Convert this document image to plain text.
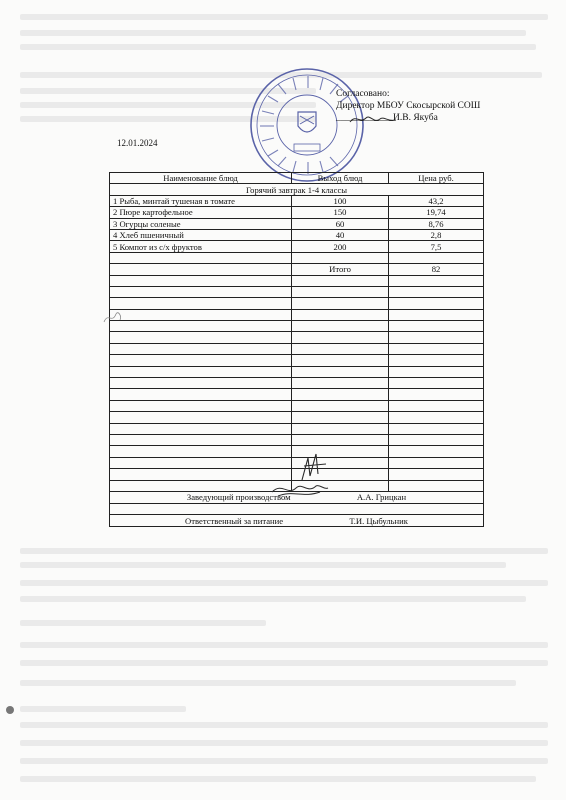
Согласовано:
Директор МБОУ Скосырской СОШ
____________И.В. Якуба
12.01.2024
Наименование блюд	Выход блюд	Цена руб.
Горячий завтрак 1-4 классы		
1 Рыба, минтай тушеная в томате	100	43,2
2 Пюре картофельное	150	19,74
3 Огурцы соленые	60	8,76
4 Хлеб пшеничный	40	2,8
5 Компот из с/х фруктов	200	7,5

	Итого	82

Заведующий производством А.А. Грицкан		

Ответственный за питание Т.И. Цыбульник		
